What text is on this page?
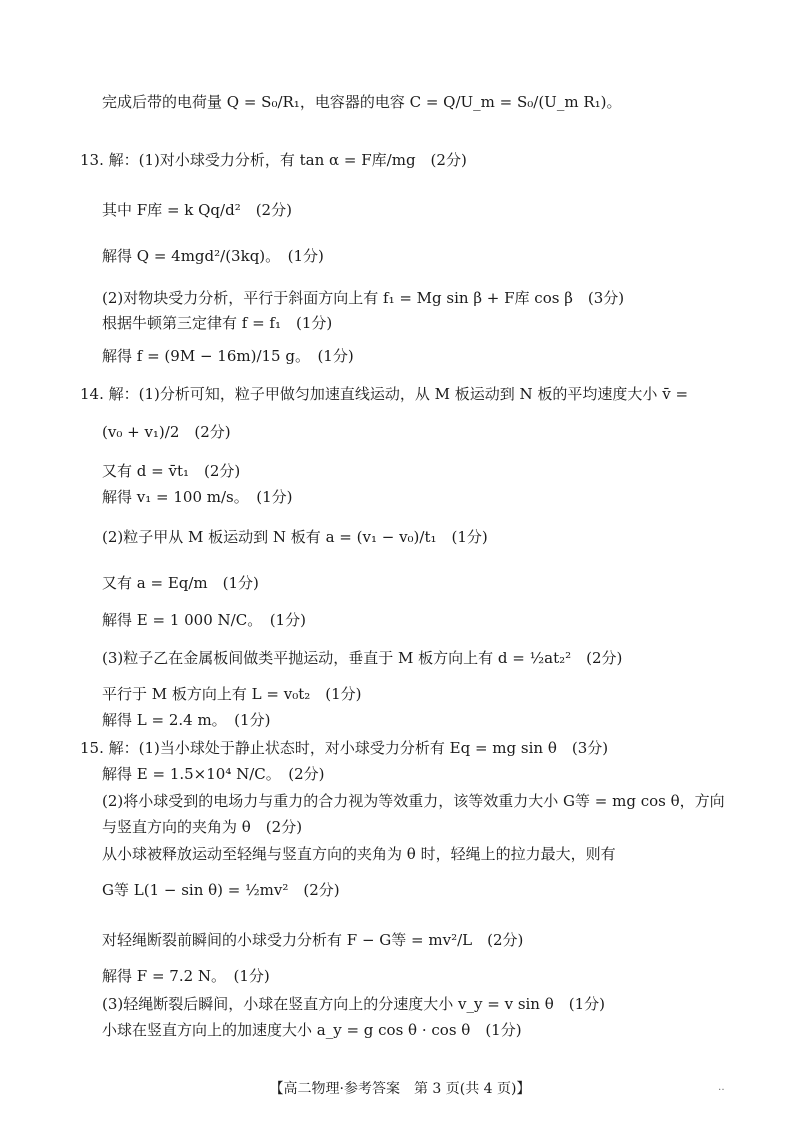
完成后带的电荷量 Q = S₀/R₁，电容器的电容 C = Q/U_m = S₀/(U_m R₁)。
13. 解：(1)对小球受力分析，有 tan α = F库/mg　(2分)
其中 F库 = k Qq/d²　(2分)
解得 Q = 4mgd²/(3kq)。　(1分)
(2)对物块受力分析，平行于斜面方向上有 f₁ = Mg sin β + F库 cos β　(3分)
根据牛顿第三定律有 f = f₁　(1分)
解得 f = (9M − 16m)/15 g。　(1分)
14. 解：(1)分析可知，粒子甲做匀加速直线运动，从 M 板运动到 N 板的平均速度大小 v̄ =
(v₀ + v₁)/2　(2分)
又有 d = v̄t₁　(2分)
解得 v₁ = 100 m/s。　(1分)
(2)粒子甲从 M 板运动到 N 板有 a = (v₁ − v₀)/t₁　(1分)
又有 a = Eq/m　(1分)
解得 E = 1 000 N/C。　(1分)
(3)粒子乙在金属板间做类平抛运动，垂直于 M 板方向上有 d = ½at₂²　(2分)
平行于 M 板方向上有 L = v₀t₂　(1分)
解得 L = 2.4 m。　(1分)
15. 解：(1)当小球处于静止状态时，对小球受力分析有 Eq = mg sin θ　(3分)
解得 E = 1.5×10⁴ N/C。　(2分)
(2)将小球受到的电场力与重力的合力视为等效重力，该等效重力大小 G等 = mg cos θ，方向
与竖直方向的夹角为 θ　(2分)
从小球被释放运动至轻绳与竖直方向的夹角为 θ 时，轻绳上的拉力最大，则有
G等 L(1 − sin θ) = ½mv²　(2分)
对轻绳断裂前瞬间的小球受力分析有 F − G等 = mv²/L　(2分)
解得 F = 7.2 N。　(1分)
(3)轻绳断裂后瞬间，小球在竖直方向上的分速度大小 v_y = v sin θ　(1分)
小球在竖直方向上的加速度大小 a_y = g cos θ · cos θ　(1分)
【高二物理·参考答案　第 3 页(共 4 页)】	‥
